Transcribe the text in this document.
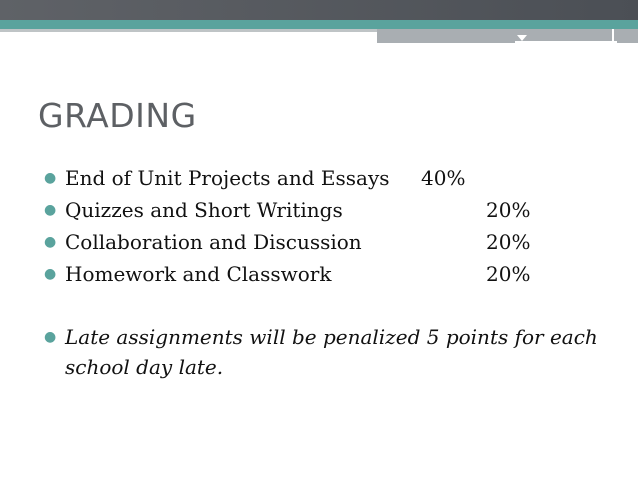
GRADING
● End of Unit Projects and Essays 40%
● Quizzes and Short Writings	20%
● Collaboration and Discussion	20%
● Homework and Classwork	20%
● Late assignments will be penalized 5 points for each school day late.
